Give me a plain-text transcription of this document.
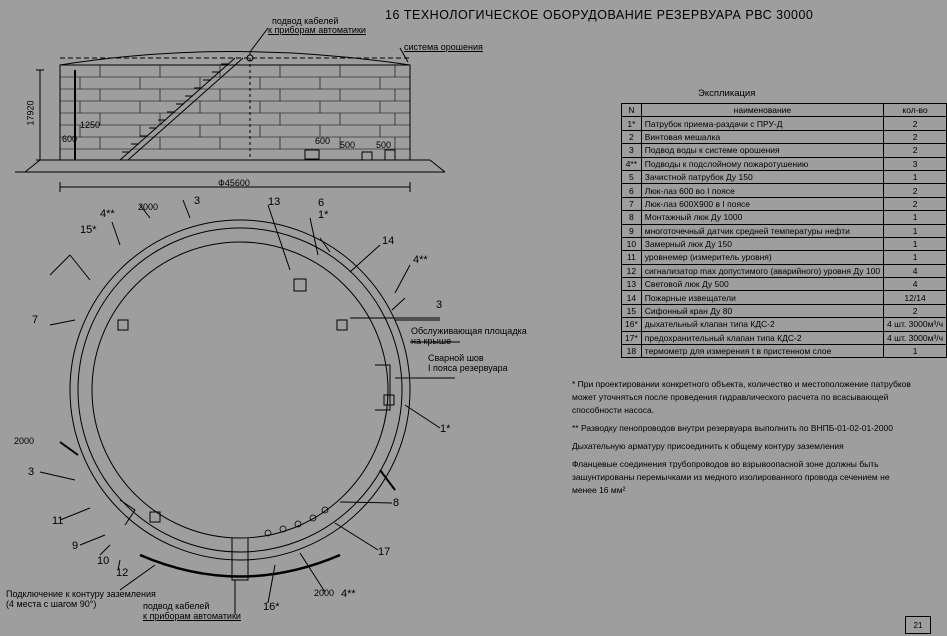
16 ТЕХНОЛОГИЧЕСКОЕ ОБОРУДОВАНИЕ РЕЗЕРВУАРА РВС 30000
подвод кабелей
к приборам автоматики
система орошения
17920
Ф45600
1250
600	600 500 500
4**
3
15*
13	6
1*
14
4**
7
3
1*
3
8
11
9
10
12
17
4**
16*
2000
2000
2000
Обслуживающая площадка
на крыше
Сварной шов
I пояса резервуара
Подключение к контуру заземления
(4 места с шагом 90°)	подвод кабелей
к приборам автоматики
Экспликация
N	наименование	кол-во
1*	Патрубок приема-раздачи с ПРУ-Д	2
2	Винтовая мешалка	2
3	Подвод воды к системе орошения	2
4**	Подводы к подслойному пожаротушению	3
5	Зачистной патрубок Ду 150	1
6	Люк-лаз 600 во I поясе	2
7	Люк-лаз 600Х900 в I поясе	2
8	Монтажный люк Ду 1000	1
9	многоточечный датчик средней температуры нефти	1
10	Замерный люк Ду 150	1
11	уровнемер (измеритель уровня)	1
12	сигнализатор max допустимого (аварийного) уровня Ду 100	4
13	Световой люк Ду 500	4
14	Пожарные извещатели	12/14
15	Сифонный кран Ду 80	2
16*	дыхательный клапан типа КДС-2	4 шт. 3000м³/ч
17*	предохранительный клапан типа КДС-2	4 шт. 3000м³/ч
18	термометр для измерения t в пристенном слое	1

* При проектировании конкретного объекта, количество и местоположение патрубков может уточняться после проведения гидравлического расчета по всасывающей способности насоса.

** Разводку пенопроводов внутри резервуара выполнить по ВНПБ-01-02-01-2000

Дыхательную арматуру присоединить к общему контуру заземления

Фланцевые соединения трубопроводов во взрывоопасной зоне должны быть зашунтированы перемычками из медного изолированного провода сечением не менее 16 мм²

21
